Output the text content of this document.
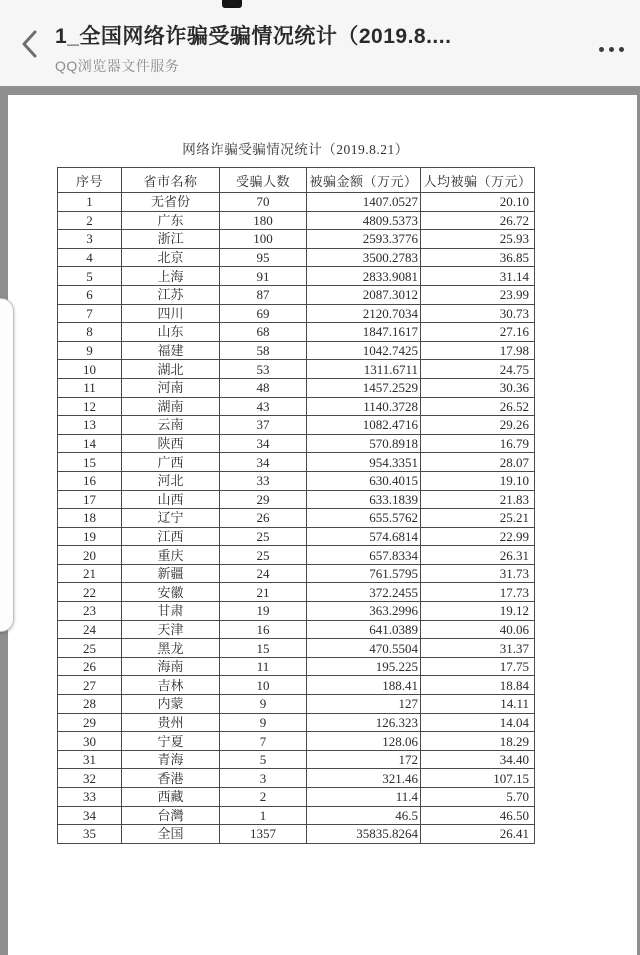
1_全国网络诈骗受骗情况统计（2019.8....
QQ浏览器文件服务
网络诈骗受骗情况统计（2019.8.21）
序号	省市名称	受骗人数	被骗金额（万元）	人均被骗（万元）
1	无省份	70	1407.0527	20.10
2	广东	180	4809.5373	26.72
3	浙江	100	2593.3776	25.93
4	北京	95	3500.2783	36.85
5	上海	91	2833.9081	31.14
6	江苏	87	2087.3012	23.99
7	四川	69	2120.7034	30.73
8	山东	68	1847.1617	27.16
9	福建	58	1042.7425	17.98
10	湖北	53	1311.6711	24.75
11	河南	48	1457.2529	30.36
12	湖南	43	1140.3728	26.52
13	云南	37	1082.4716	29.26
14	陕西	34	570.8918	16.79
15	广西	34	954.3351	28.07
16	河北	33	630.4015	19.10
17	山西	29	633.1839	21.83
18	辽宁	26	655.5762	25.21
19	江西	25	574.6814	22.99
20	重庆	25	657.8334	26.31
21	新疆	24	761.5795	31.73
22	安徽	21	372.2455	17.73
23	甘肃	19	363.2996	19.12
24	天津	16	641.0389	40.06
25	黑龙	15	470.5504	31.37
26	海南	11	195.225	17.75
27	吉林	10	188.41	18.84
28	内蒙	9	127	14.11
29	贵州	9	126.323	14.04
30	宁夏	7	128.06	18.29
31	青海	5	172	34.40
32	香港	3	321.46	107.15
33	西藏	2	11.4	5.70
34	台灣	1	46.5	46.50
35	全国	1357	35835.8264	26.41
